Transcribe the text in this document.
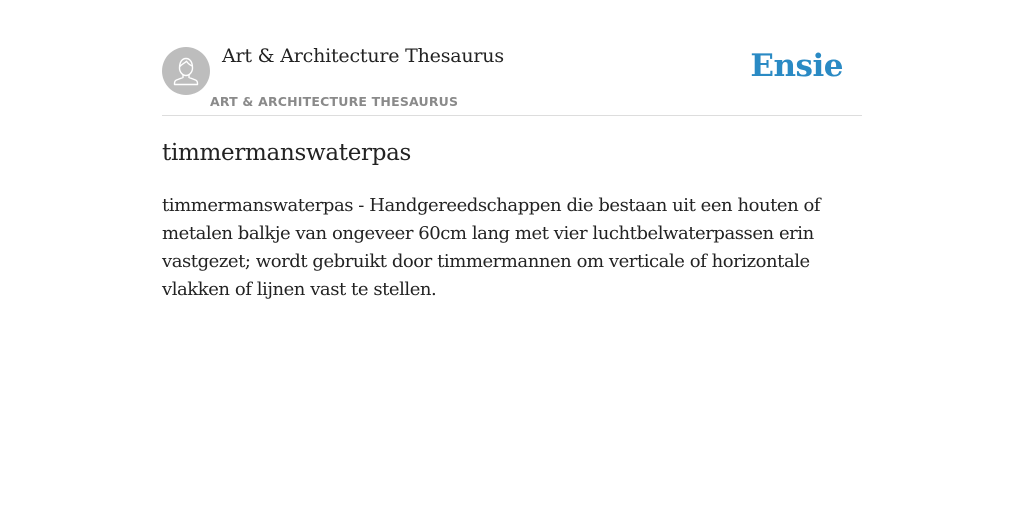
Art & Architecture Thesaurus
ART & ARCHITECTURE THESAURUS
Ensie
timmermanswaterpas

timmermanswaterpas - Handgereedschappen die bestaan uit een houten of metalen balkje van ongeveer 60cm lang met vier luchtbelwaterpassen erin vastgezet; wordt gebruikt door timmermannen om verticale of horizontale vlakken of lijnen vast te stellen.
